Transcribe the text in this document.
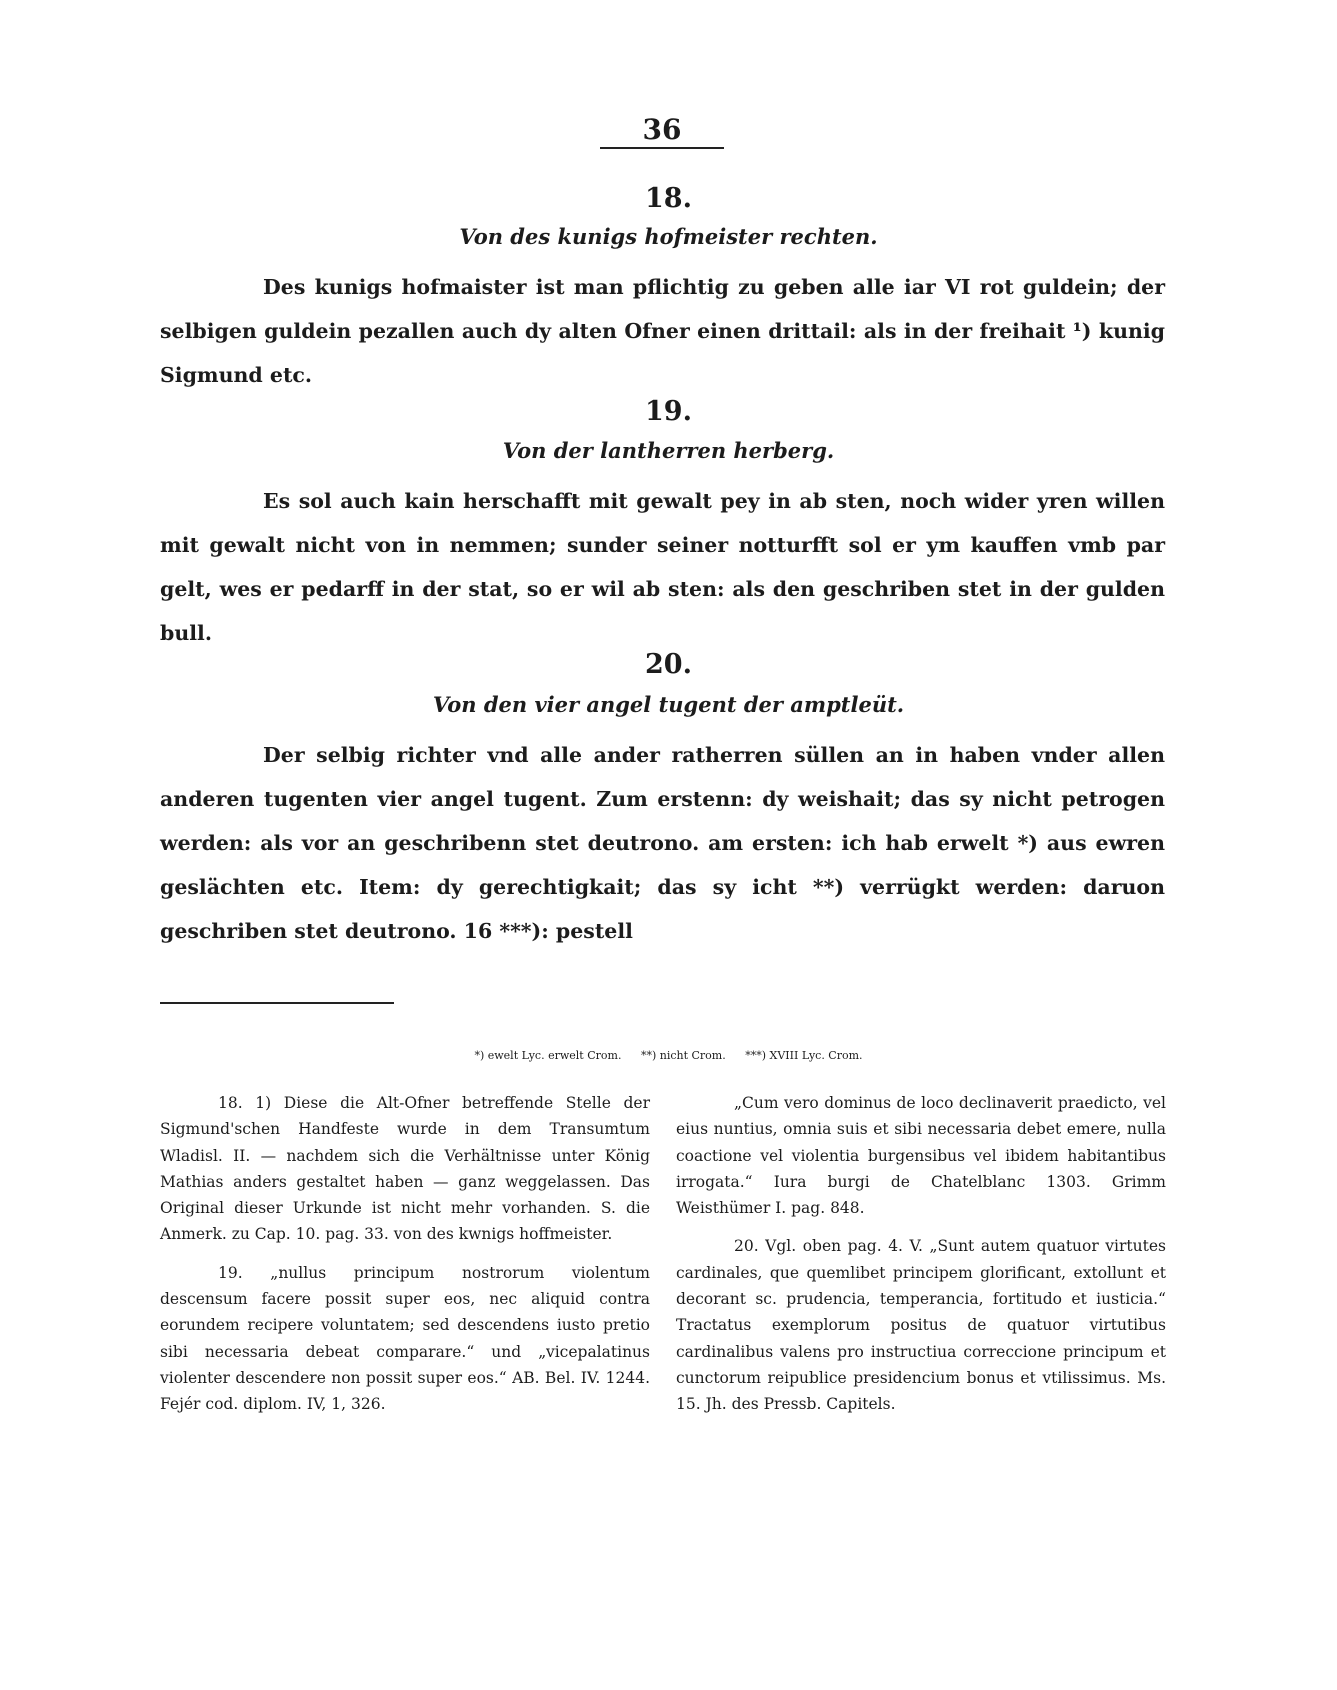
36
18.
Von des kunigs hofmeister rechten.

Des kunigs hofmaister ist man pflichtig zu geben alle iar VI rot guldein; der selbigen guldein pezallen auch dy alten Ofner einen drittail: als in der freihait ¹) kunig Sigmund etc.

19.
Von der lantherren herberg.

Es sol auch kain herschafft mit gewalt pey in ab sten, noch wider yren willen mit gewalt nicht von in nemmen; sunder seiner notturfft sol er ym kauffen vmb par gelt, wes er pedarff in der stat, so er wil ab sten: als den geschriben stet in der gulden bull.

20.
Von den vier angel tugent der amptleüt.

Der selbig richter vnd alle ander ratherren süllen an in haben vnder allen anderen tugenten vier angel tugent. Zum erstenn: dy weishait; das sy nicht petrogen werden: als vor an geschribenn stet deutrono. am ersten: ich hab erwelt *) aus ewren geslächten etc. Item: dy gerechtigkait; das sy icht **) verrügkt werden: daruon geschriben stet deutrono. 16 ***): pestell

*) ewelt Lyc. erwelt Crom. **) nicht Crom. ***) XVIII Lyc. Crom.

18. 1) Diese die Alt-Ofner betreffende Stelle der Sigmund'schen Handfeste wurde in dem Transumtum Wladisl. II. — nachdem sich die Verhältnisse unter König Mathias anders gestaltet haben — ganz weggelassen. Das Original dieser Urkunde ist nicht mehr vorhanden. S. die Anmerk. zu Cap. 10. pag. 33. von des kwnigs hoffmeister.

19. „nullus principum nostrorum violentum descensum facere possit super eos, nec aliquid contra eorundem recipere voluntatem; sed descendens iusto pretio sibi necessaria debeat comparare.“ und „vicepalatinus violenter descendere non possit super eos.“ AB. Bel. IV. 1244. Fejér cod. diplom. IV, 1, 326.

„Cum vero dominus de loco declinaverit praedicto, vel eius nuntius, omnia suis et sibi necessaria debet emere, nulla coactione vel violentia burgensibus vel ibidem habitantibus irrogata.“ Iura burgi de Chatelblanc 1303. Grimm Weisthümer I. pag. 848.

20. Vgl. oben pag. 4. V. „Sunt autem quatuor virtutes cardinales, que quemlibet principem glorificant, extollunt et decorant sc. prudencia, temperancia, fortitudo et iusticia.“ Tractatus exemplorum positus de quatuor virtutibus cardinalibus valens pro instructiua correccione principum et cunctorum reipublice presidencium bonus et vtilissimus. Ms. 15. Jh. des Pressb. Capitels.
